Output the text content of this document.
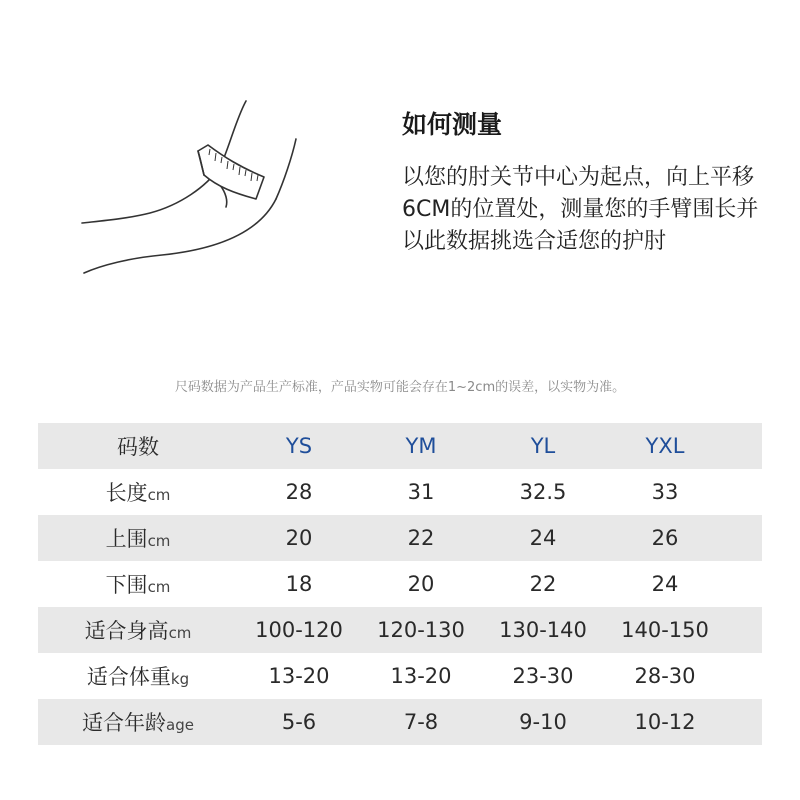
如何测量

以您的肘关节中心为起点，向上平移6CM的位置处，测量您的手臂围长并以此数据挑选合适您的护肘

尺码数据为产品生产标准，产品实物可能会存在1~2cm的误差，以实物为准。
码数	YS	YM	YL	YXL	
长度cm	28	31	32.5	33	
上围cm	20	22	24	26	
下围cm	18	20	22	24	
适合身高cm	100-120	120-130	130-140	140-150	
适合体重kg	13-20	13-20	23-30	28-30	
适合年龄age	5-6	7-8	9-10	10-12	
